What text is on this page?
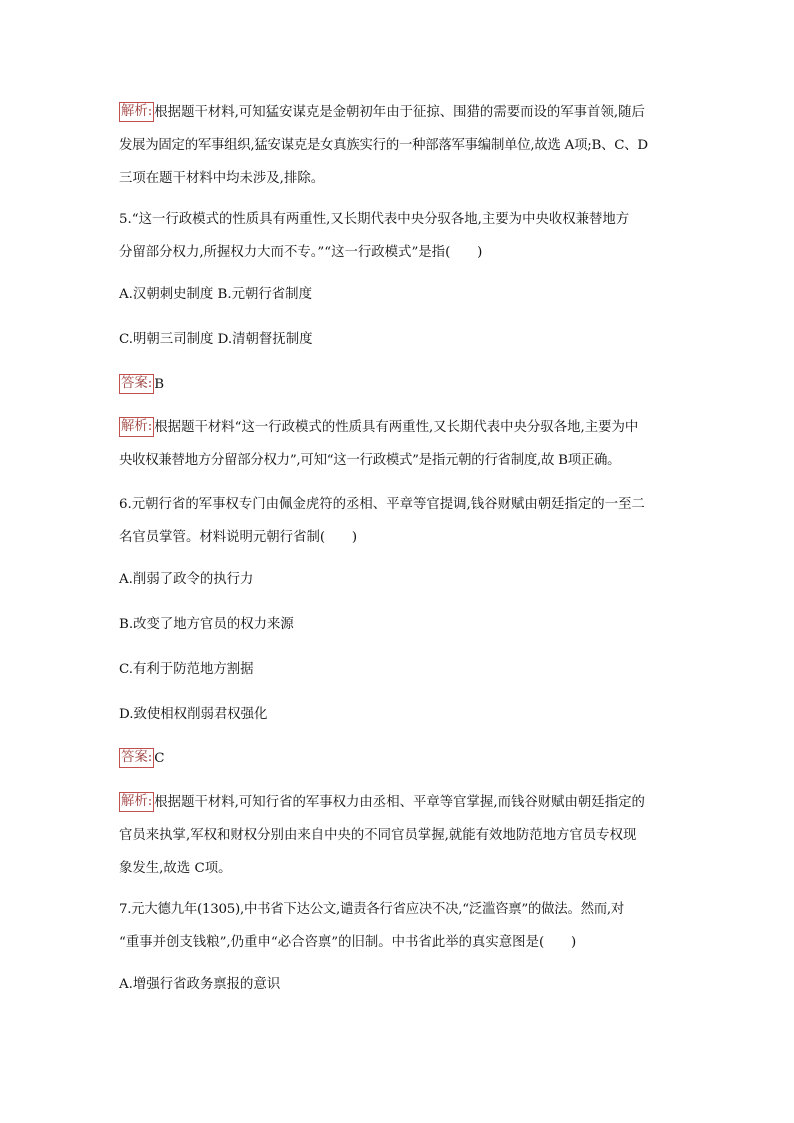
解析: 根据题干材料,可知猛安谋克是金朝初年由于征掠、围猎的需要而设的军事首领,随后
发展为固定的军事组织,猛安谋克是女真族实行的一种部落军事编制单位,故选 A项;B、C、D
三项在题干材料中均未涉及,排除。
5.“这一行政模式的性质具有两重性,又长期代表中央分驭各地,主要为中央收权兼替地方
分留部分权力,所握权力大而不专。”“这一行政模式”是指(　　)
A.汉朝刺史制度 B.元朝行省制度
C.明朝三司制度 D.清朝督抚制度
答案: B
解析: 根据题干材料“这一行政模式的性质具有两重性,又长期代表中央分驭各地,主要为中
央收权兼替地方分留部分权力”,可知“这一行政模式”是指元朝的行省制度,故 B项正确。
6.元朝行省的军事权专门由佩金虎符的丞相、平章等官提调,钱谷财赋由朝廷指定的一至二
名官员掌管。材料说明元朝行省制(　　)
A.削弱了政令的执行力
B.改变了地方官员的权力来源
C.有利于防范地方割据
D.致使相权削弱君权强化
答案: C
解析: 根据题干材料,可知行省的军事权力由丞相、平章等官掌握,而钱谷财赋由朝廷指定的
官员来执掌,军权和财权分别由来自中央的不同官员掌握,就能有效地防范地方官员专权现
象发生,故选 C项。
7.元大德九年(1305),中书省下达公文,谴责各行省应决不决,“泛滥咨禀”的做法。然而,对
“重事并创支钱粮”,仍重申“必合咨禀”的旧制。中书省此举的真实意图是(　　)
A.增强行省政务禀报的意识
